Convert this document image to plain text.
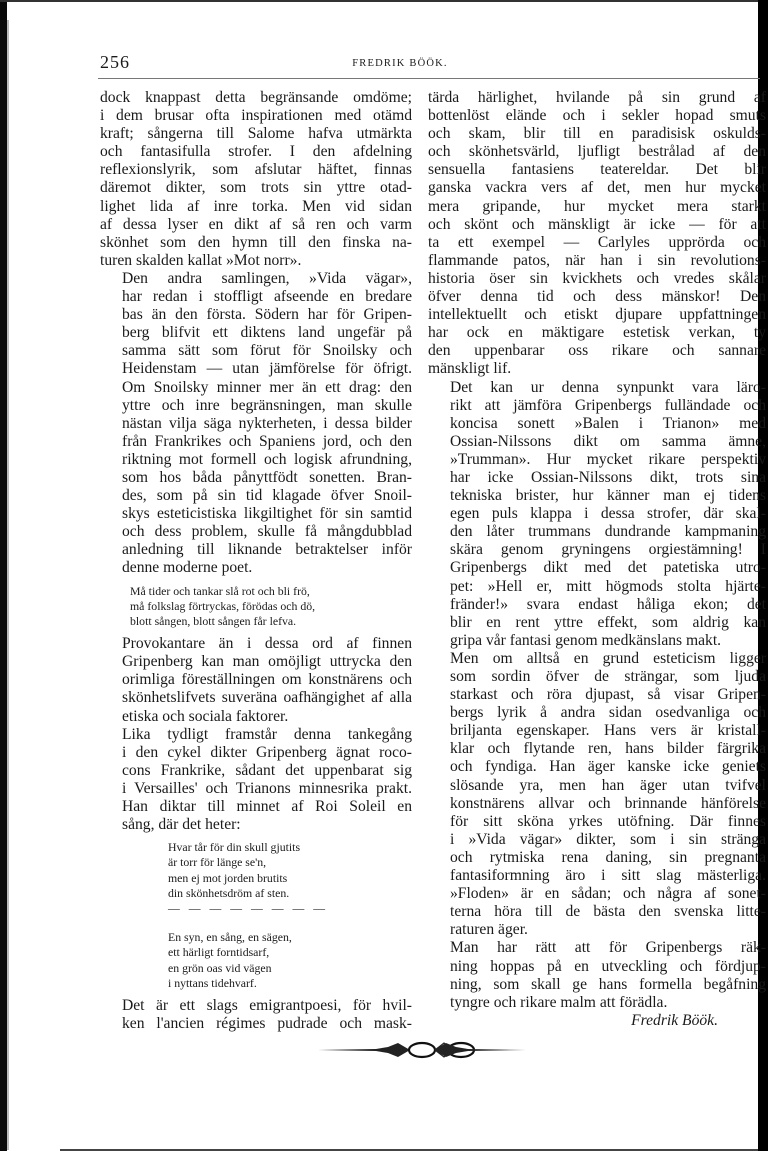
256	FREDRIK BÖÖK.

dock knappast detta begränsande omdöme;
i dem brusar ofta inspirationen med otämd
kraft; sångerna till Salome hafva utmärkta
och fantasifulla strofer. I den afdelning
reflexionslyrik, som afslutar häftet, finnas
däremot dikter, som trots sin yttre otad-
lighet lida af inre torka. Men vid sidan
af dessa lyser en dikt af så ren och varm
skönhet som den hymn till den finska na-
turen skalden kallat »Mot norr».

Den andra samlingen, »Vida vägar»,
har redan i stoffligt afseende en bredare
bas än den första. Södern har för Gripen-
berg blifvit ett diktens land ungefär på
samma sätt som förut för Snoilsky och
Heidenstam — utan jämförelse för öfrigt.
Om Snoilsky minner mer än ett drag: den
yttre och inre begränsningen, man skulle
nästan vilja säga nykterheten, i dessa bilder
från Frankrikes och Spaniens jord, och den
riktning mot formell och logisk afrundning,
som hos båda pånyttfödt sonetten. Bran-
des, som på sin tid klagade öfver Snoil-
skys esteticistiska likgiltighet för sin samtid
och dess problem, skulle få mångdubblad
anledning till liknande betraktelser inför
denne moderne poet.

Må tider och tankar slå rot och bli frö,
må folkslag förtryckas, förödas och dö,
blott sången, blott sången får lefva.

Provokantare än i dessa ord af finnen
Gripenberg kan man omöjligt uttrycka den
orimliga föreställningen om konstnärens och
skönhetslifvets suveräna oafhängighet af alla
etiska och sociala faktorer.

Lika tydligt framstår denna tankegång
i den cykel dikter Gripenberg ägnat roco-
cons Frankrike, sådant det uppenbarat sig
i Versailles' och Trianons minnesrika prakt.
Han diktar till minnet af Roi Soleil en
sång, där det heter:

Hvar tår för din skull gjutits
är torr för länge se'n,
men ej mot jorden brutits
din skönhetsdröm af sten.
— — — — — — — —
En syn, en sång, en sägen,
ett härligt forntidsarf,
en grön oas vid vägen
i nyttans tidehvarf.

Det är ett slags emigrantpoesi, för hvil-
ken l'ancien régimes pudrade och mask-

tärda härlighet, hvilande på sin grund af
bottenlöst elände och i sekler hopad smuts
och skam, blir till en paradisisk oskulds-
och skönhetsvärld, ljufligt bestrålad af den
sensuella fantasiens teatereldar. Det blir
ganska vackra vers af det, men hur mycket
mera gripande, hur mycket mera starkt
och skönt och mänskligt är icke — för att
ta ett exempel — Carlyles upprörda och
flammande patos, när han i sin revolutions-
historia öser sin kvickhets och vredes skålar
öfver denna tid och dess mänskor! Den
intellektuellt och etiskt djupare uppfattningen
har ock en mäktigare estetisk verkan, ty
den uppenbarar oss rikare och sannare
mänskligt lif.

Det kan ur denna synpunkt vara läro-
rikt att jämföra Gripenbergs fulländade och
koncisa sonett »Balen i Trianon» med
Ossian-Nilssons dikt om samma ämne,
»Trumman». Hur mycket rikare perspektiv
har icke Ossian-Nilssons dikt, trots sina
tekniska brister, hur känner man ej tidens
egen puls klappa i dessa strofer, där skal-
den låter trummans dundrande kampmaning
skära genom gryningens orgiestämning! I
Gripenbergs dikt med det patetiska utro-
pet: »Hell er, mitt högmods stolta hjärte-
fränder!» svara endast håliga ekon; det
blir en rent yttre effekt, som aldrig kan
gripa vår fantasi genom medkänslans makt.

Men om alltså en grund esteticism ligger
som sordin öfver de strängar, som ljuda
starkast och röra djupast, så visar Gripen-
bergs lyrik å andra sidan osedvanliga och
briljanta egenskaper. Hans vers är kristall-
klar och flytande ren, hans bilder färgrika
och fyndiga. Han äger kanske icke geniets
slösande yra, men han äger utan tvifvel
konstnärens allvar och brinnande hänförelse
för sitt sköna yrkes utöfning. Där finnes
i »Vida vägar» dikter, som i sin stränga
och rytmiska rena daning, sin pregnanta
fantasiformning äro i sitt slag mästerliga.
»Floden» är en sådan; och några af sonet-
terna höra till de bästa den svenska litte-
raturen äger.

Man har rätt att för Gripenbergs räk-
ning hoppas på en utveckling och fördjup-
ning, som skall ge hans formella begåfning
tyngre och rikare malm att förädla.

Fredrik Böök.
